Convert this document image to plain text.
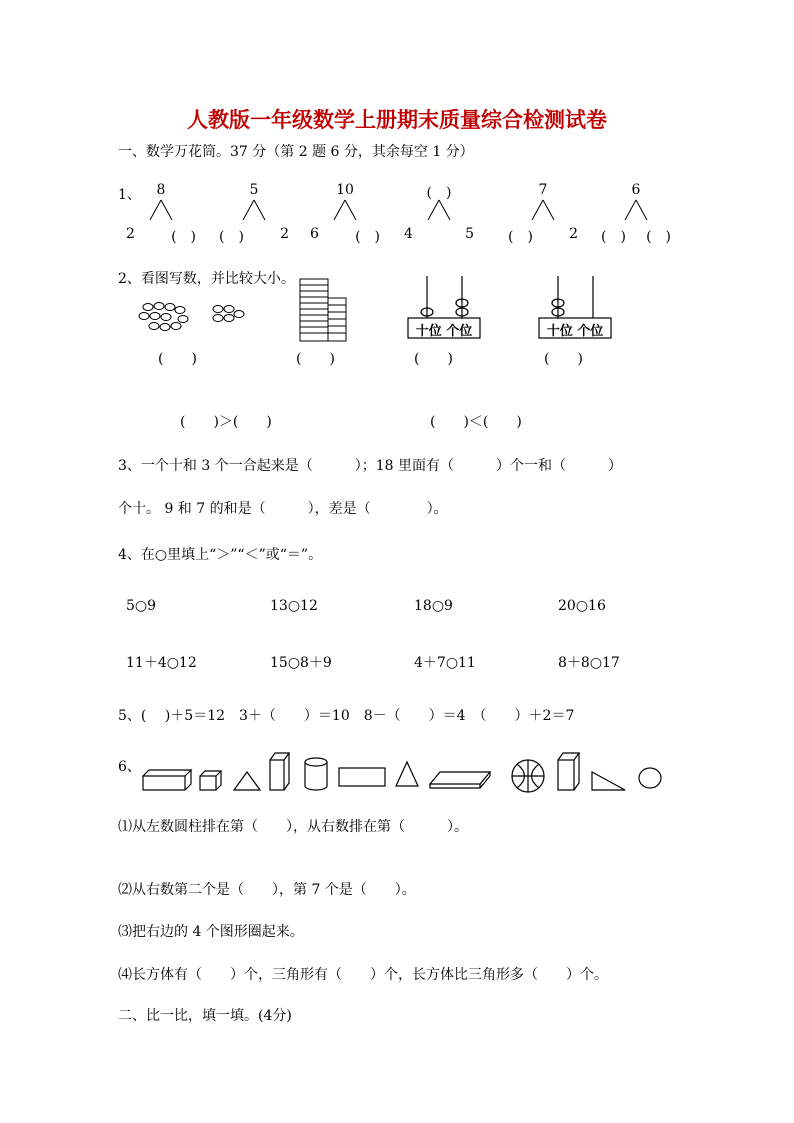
人教版一年级数学上册期末质量综合检测试卷
一、数学万花筒。37 分（第 2 题 6 分，其余每空 1 分）
1、	8
2	(　)
5
(　)	2
10
6	(　)
(　)
4	5
7
(　)	2
6
(　) (　)
2、看图写数，并比较大小。
十位 个位	十位 个位
(　　)	(　　)	(　　)	(　　)
(　　)＞(　　)	(　　)＜(　　)
3、一个十和 3 个一合起来是（　　　）；18 里面有（　　　）个一和（　　　）
个十。 9 和 7 的和是（　　　），差是（　　　　）。
4、在○里填上“＞”“＜”或“＝”。
5○9	13○12	18○9	20○16
11＋4○12	15○8＋9	4＋7○11	8＋8○17
5、(　 )＋5＝12　3＋（　　）＝10　8－（　　）＝4　（　　）＋2＝7
6、
⑴从左数圆柱排在第（　　），从右数排在第（　　　）。
⑵从右数第二个是（　　），第 7 个是（　　）。
⑶把右边的 4 个图形圈起来。
⑷长方体有（　　）个，三角形有（　　）个，长方体比三角形多（　　）个。
二、比一比，填一填。(4分)
